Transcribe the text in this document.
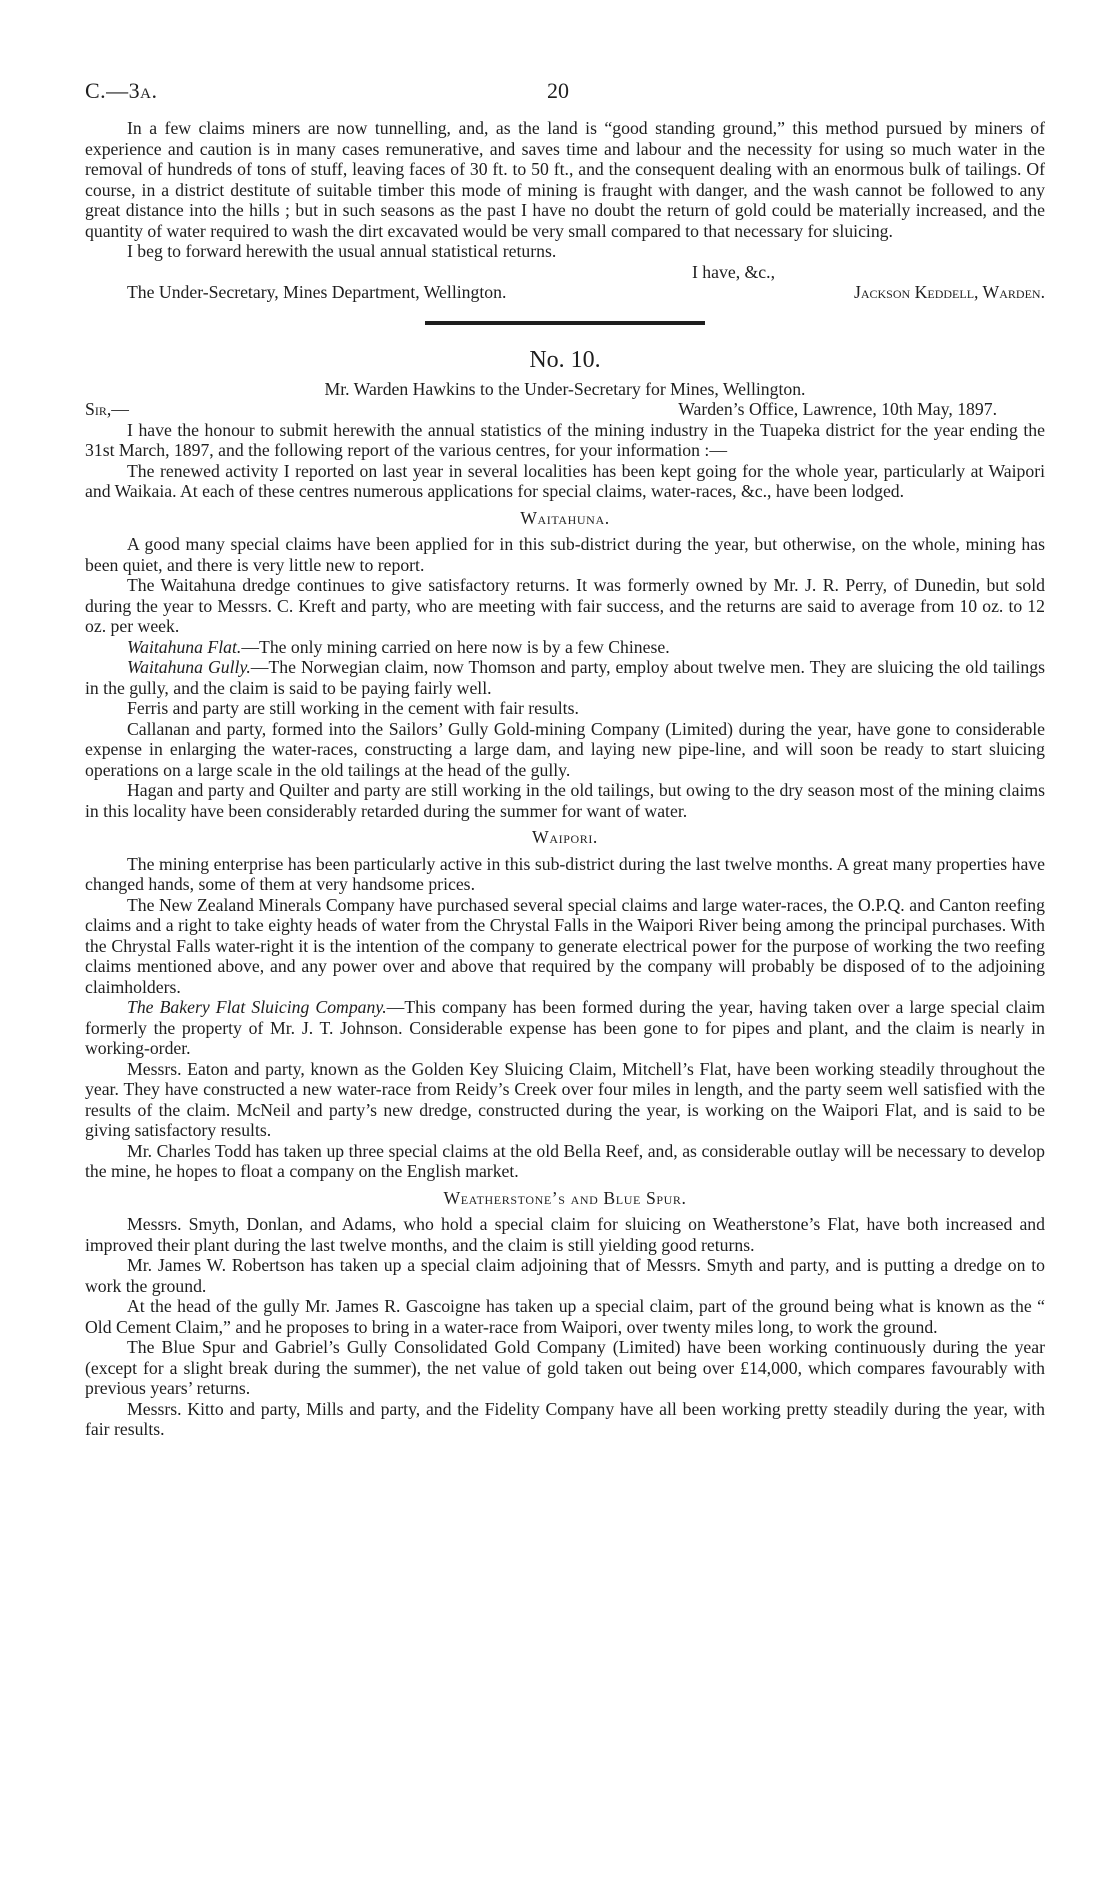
C.—3a.	20

In a few claims miners are now tunnelling, and, as the land is “good standing ground,” this method pursued by miners of experience and caution is in many cases remunerative, and saves time and labour and the necessity for using so much water in the removal of hundreds of tons of stuff, leaving faces of 30 ft. to 50 ft., and the consequent dealing with an enormous bulk of tailings. Of course, in a district destitute of suitable timber this mode of mining is fraught with danger, and the wash cannot be followed to any great distance into the hills ; but in such seasons as the past I have no doubt the return of gold could be materially increased, and the quantity of water required to wash the dirt excavated would be very small compared to that necessary for sluicing.

I beg to forward herewith the usual annual statistical returns.

I have, &c.,
The Under-Secretary, Mines Department, Wellington.	Jackson Keddell, Warden.
No. 10.
Mr. Warden Hawkins to the Under-Secretary for Mines, Wellington.
Sir,—	Warden’s Office, Lawrence, 10th May, 1897.

I have the honour to submit herewith the annual statistics of the mining industry in the Tuapeka district for the year ending the 31st March, 1897, and the following report of the various centres, for your information :—

The renewed activity I reported on last year in several localities has been kept going for the whole year, particularly at Waipori and Waikaia. At each of these centres numerous applications for special claims, water-races, &c., have been lodged.

Waitahuna.

A good many special claims have been applied for in this sub-district during the year, but otherwise, on the whole, mining has been quiet, and there is very little new to report.

The Waitahuna dredge continues to give satisfactory returns. It was formerly owned by Mr. J. R. Perry, of Dunedin, but sold during the year to Messrs. C. Kreft and party, who are meeting with fair success, and the returns are said to average from 10 oz. to 12 oz. per week.

Waitahuna Flat.—The only mining carried on here now is by a few Chinese.

Waitahuna Gully.—The Norwegian claim, now Thomson and party, employ about twelve men. They are sluicing the old tailings in the gully, and the claim is said to be paying fairly well.

Ferris and party are still working in the cement with fair results.

Callanan and party, formed into the Sailors’ Gully Gold-mining Company (Limited) during the year, have gone to considerable expense in enlarging the water-races, constructing a large dam, and laying new pipe-line, and will soon be ready to start sluicing operations on a large scale in the old tailings at the head of the gully.

Hagan and party and Quilter and party are still working in the old tailings, but owing to the dry season most of the mining claims in this locality have been considerably retarded during the summer for want of water.

Waipori.

The mining enterprise has been particularly active in this sub-district during the last twelve months. A great many properties have changed hands, some of them at very handsome prices.

The New Zealand Minerals Company have purchased several special claims and large water-races, the O.P.Q. and Canton reefing claims and a right to take eighty heads of water from the Chrystal Falls in the Waipori River being among the principal purchases. With the Chrystal Falls water-right it is the intention of the company to generate electrical power for the purpose of working the two reefing claims mentioned above, and any power over and above that required by the company will probably be disposed of to the adjoining claimholders.

The Bakery Flat Sluicing Company.—This company has been formed during the year, having taken over a large special claim formerly the property of Mr. J. T. Johnson. Considerable expense has been gone to for pipes and plant, and the claim is nearly in working-order.

Messrs. Eaton and party, known as the Golden Key Sluicing Claim, Mitchell’s Flat, have been working steadily throughout the year. They have constructed a new water-race from Reidy’s Creek over four miles in length, and the party seem well satisfied with the results of the claim. McNeil and party’s new dredge, constructed during the year, is working on the Waipori Flat, and is said to be giving satisfactory results.

Mr. Charles Todd has taken up three special claims at the old Bella Reef, and, as considerable outlay will be necessary to develop the mine, he hopes to float a company on the English market.

Weatherstone’s and Blue Spur.

Messrs. Smyth, Donlan, and Adams, who hold a special claim for sluicing on Weatherstone’s Flat, have both increased and improved their plant during the last twelve months, and the claim is still yielding good returns.

Mr. James W. Robertson has taken up a special claim adjoining that of Messrs. Smyth and party, and is putting a dredge on to work the ground.

At the head of the gully Mr. James R. Gascoigne has taken up a special claim, part of the ground being what is known as the “ Old Cement Claim,” and he proposes to bring in a water-race from Waipori, over twenty miles long, to work the ground.

The Blue Spur and Gabriel’s Gully Consolidated Gold Company (Limited) have been working continuously during the year (except for a slight break during the summer), the net value of gold taken out being over £14,000, which compares favourably with previous years’ returns.

Messrs. Kitto and party, Mills and party, and the Fidelity Company have all been working pretty steadily during the year, with fair results.
